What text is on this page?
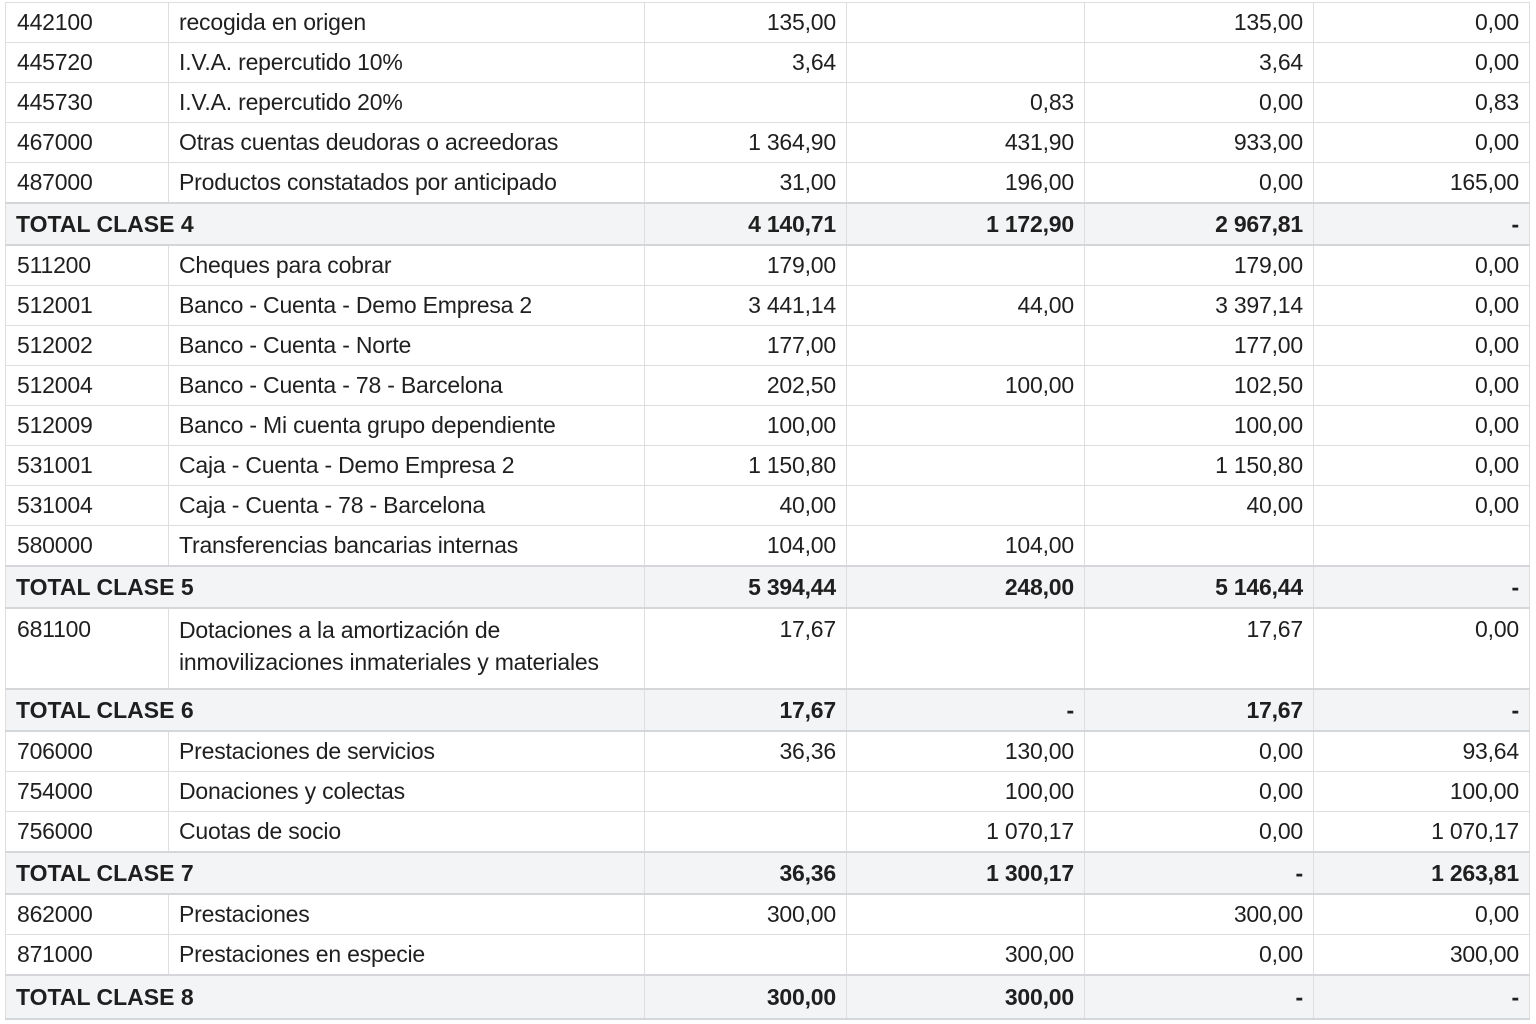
442100	recogida en origen	135,00		135,00	0,00
445720	I.V.A. repercutido 10%	3,64		3,64	0,00
445730	I.V.A. repercutido 20%		0,83	0,00	0,83
467000	Otras cuentas deudoras o acreedoras	1 364,90	431,90	933,00	0,00
487000	Productos constatados por anticipado	31,00	196,00	0,00	165,00
TOTAL CLASE 4		4 140,71	1 172,90	2 967,81	-
511200	Cheques para cobrar	179,00		179,00	0,00
512001	Banco - Cuenta - Demo Empresa 2	3 441,14	44,00	3 397,14	0,00
512002	Banco - Cuenta - Norte	177,00		177,00	0,00
512004	Banco - Cuenta - 78 - Barcelona	202,50	100,00	102,50	0,00
512009	Banco - Mi cuenta grupo dependiente	100,00		100,00	0,00
531001	Caja - Cuenta - Demo Empresa 2	1 150,80		1 150,80	0,00
531004	Caja - Cuenta - 78 - Barcelona	40,00		40,00	0,00
580000	Transferencias bancarias internas	104,00	104,00		
TOTAL CLASE 5		5 394,44	248,00	5 146,44	-
681100	Dotaciones a la amortización de inmovilizaciones inmateriales y materiales	17,67		17,67	0,00
TOTAL CLASE 6		17,67	-	17,67	-
706000	Prestaciones de servicios	36,36	130,00	0,00	93,64
754000	Donaciones y colectas		100,00	0,00	100,00
756000	Cuotas de socio		1 070,17	0,00	1 070,17
TOTAL CLASE 7		36,36	1 300,17	-	1 263,81
862000	Prestaciones	300,00		300,00	0,00
871000	Prestaciones en especie		300,00	0,00	300,00
TOTAL CLASE 8		300,00	300,00	-	-
